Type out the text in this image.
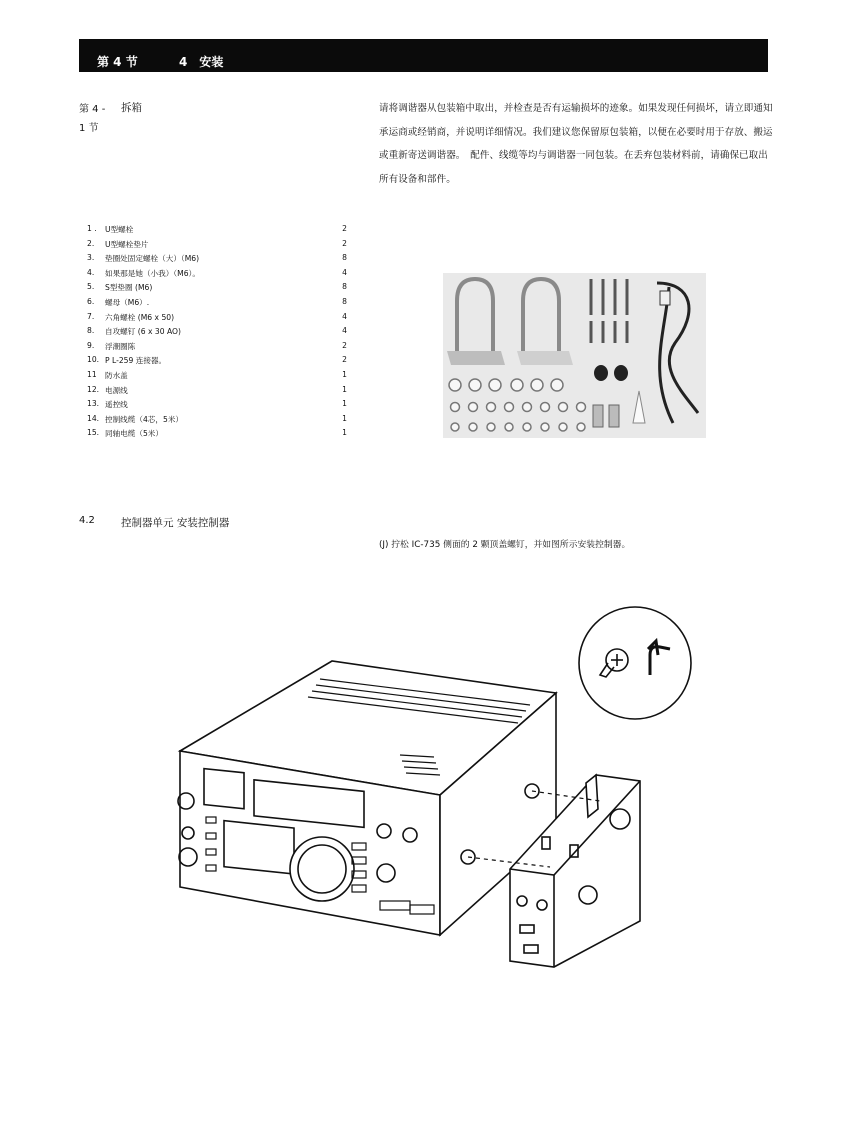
第 4 节	4　安装
第 4 -
1 节
拆箱	请将调谐器从包装箱中取出，并检查是否有运输损坏的迹象。如果发现任何损坏，请立即通知承运商或经销商，并说明详细情况。我们建议您保留原包装箱，以便在必要时用于存放、搬运或重新寄送调谐器。　配件、线缆等均与调谐器一同包装。在丢弃包装材料前，请确保已取出所有设备和部件。
1 . U型螺栓	2
2. U型螺栓垫片	2
3. 垫圈处固定螺栓（大）（M6)	8
4. 如果那是她（小我）（M6）。	4
5. S型垫圈 (M6)	8
6. 螺母（M6）.	8
7. 六角螺栓 (M6 x 50)	4
8. 自攻螺钉 (6 x 30 AO)	4
9. 浮潮圈陈	2
10. P L-259 连接器。	2
11 防水盖	1
12. 电源线	1
13. 遥控线	1
14. 控制线缆（4芯，5米）	1
15. 同轴电缆（5米）	1
4.2 控制器单元 安装控制器
(J) 拧松 IC-735 侧面的 2 颗顶盖螺钉，并如图所示安装控制器。
